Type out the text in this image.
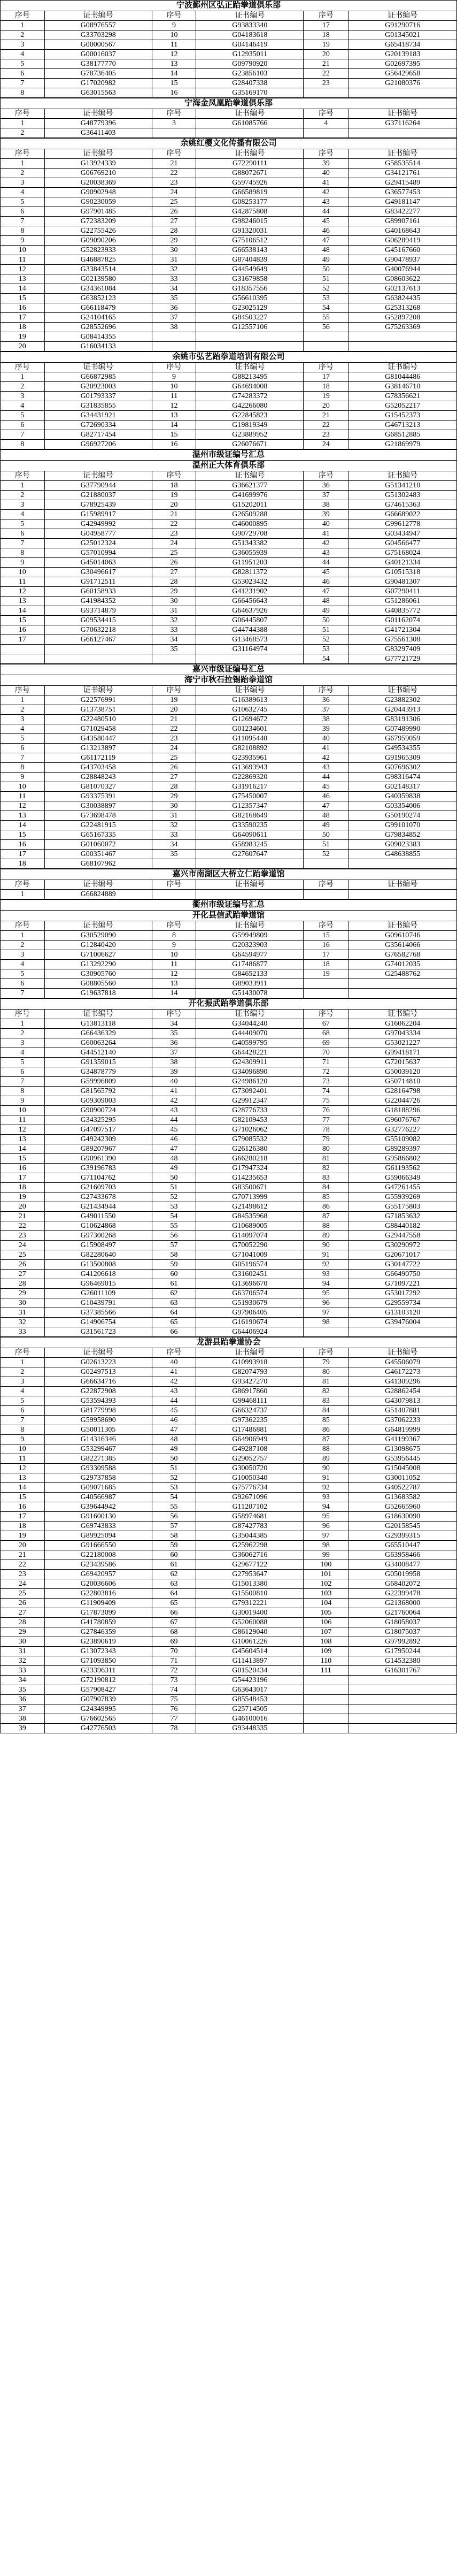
宁波鄞州区弘正跆拳道俱乐部					
序号	证书编号	序号	证书编号	序号	证书编号
1	G08976557	9	G93833340	17	G91290716
2	G33703298	10	G04183618	18	G01345021
3	G00000567	11	G04146419	19	G65418734
4	G00016037	12	G12935011	20	G20139183
5	G38177770	13	G09790920	21	G02697395
6	G78736405	14	G23856103	22	G56429658
7	G17020982	15	G28407338	23	G21080376
8	G63015563	16	G35169170		
宁海金凤凰跆拳道俱乐部					
序号	证书编号	序号	证书编号	序号	证书编号
1	G48779396	3	G61085766	4	G37116264
2	G36411403				
余姚红樱文化传播有限公司					
序号	证书编号	序号	证书编号	序号	证书编号
1	G13924339	21	G72290111	39	G58535514
2	G06769210	22	G88072671	40	G34121761
3	G20038369	23	G59745926	41	G29415489
4	G90902948	24	G66589819	42	G36577453
5	G90230059	25	G08253177	43	G49181147
6	G97901485	26	G42875808	44	G83422277
7	G72383209	27	G98246015	45	G89907161
8	G22755426	28	G91320031	46	G40168643
9	G09090206	29	G75106512	47	G06289419
10	G52823933	30	G66538143	48	G45167660
11	G46887825	31	G87404839	49	G90478937
12	G33843514	32	G44549649	50	G40076944
13	G02139580	33	G31679858	51	G08603622
14	G34361084	34	G18357556	52	G02137613
15	G63852123	35	G56610395	53	G63824435
16	G66118479	36	G23025129	54	G25313268
17	G24104165	37	G84503227	55	G52897208
18	G28552696	38	G12557106	56	G75263369
19	G08414355				
20	G16034133				
余姚市弘艺跆拳道培训有限公司					
序号	证书编号	序号	证书编号	序号	证书编号
1	G66872985	9	G88213495	17	G81044486
2	G20923003	10	G64694008	18	G38146710
3	G01793337	11	G74283372	19	G78356621
4	G31835855	12	G42266080	20	G52052217
5	G34431921	13	G22845823	21	G15452373
6	G72690334	14	G19819349	22	G46713213
7	G82717454	15	G23889952	23	G68512885
8	G96927206	16	G26076671	24	G21869979
温州市级证编号汇总					
温州正大体育俱乐部					
序号	证书编号	序号	证书编号	序号	证书编号
1	G37790944	18	G36621377	36	G51341210
2	G21880037	19	G41699976	37	G51302483
3	G78925439	20	G15202011	38	G74615363
4	G15989917	21	G26509288	39	G66689022
5	G42949992	22	G46000895	40	G99612778
6	G04958777	23	G90729708	41	G03434947
7	G25012324	24	G51343382	42	G04566477
8	G57010994	25	G36055939	43	G75168024
9	G45014063	26	G11951203	44	G40121334
10	G30496617	27	G82811372	45	G10515318
11	G91712511	28	G53023432	46	G90481307
12	G60158933	29	G41231902	47	G07290411
13	G41984352	30	G66456643	48	G51286061
14	G93714879	31	G64637926	49	G40835772
15	G09534415	32	G06445807	50	G01162074
16	G70632218	33	G44744388	51	G41721304
17	G66127467	34	G13468573	52	G75561308
		35	G31164974	53	G83297409
				54	G77721729
嘉兴市级证编号汇总					
海宁市秋石拉锡跆拳道馆					
序号	证书编号	序号	证书编号	序号	证书编号
1	G22576991	19	G16389613	36	G23882302
2	G13738751	20	G10632745	37	G20443913
3	G22480510	21	G12694672	38	G83191306
4	G71029458	22	G01234601	39	G07489990
5	G43580447	23	G11095440	40	G67959059
6	G13213897	24	G82108892	41	G49534355
7	G61172119	25	G23935961	42	G91965309
8	G43703458	26	G13693943	43	G07696302
9	G28848243	27	G22869320	44	G98316474
10	G81070327	28	G31916217	45	G02148317
11	G93375391	29	G75450007	46	G40359838
12	G30038897	30	G12357347	47	G03354006
13	G73698478	31	G82168649	48	G50190274
14	G22481915	32	G33590235	49	G99101070
15	G65167335	33	G64090611	50	G79834852
16	G01060072	34	G58983245	51	G09023383
17	G00351467	35	G27607647	52	G48638855
18	G68107962				
嘉兴市南湖区大桥立仁跆拳道馆					
序号	证书编号	序号	证书编号	序号	证书编号
1	G66824889				
衢州市级证编号汇总					
开化县信武跆拳道馆					
序号	证书编号	序号	证书编号	序号	证书编号
1	G30529090	8	G59949809	15	G09610746
2	G12840420	9	G20323903	16	G35614066
3	G71006627	10	G64594977	17	G76582768
4	G13292290	11	G17486877	18	G74012035
5	G30905760	12	G84652133	19	G25488762
6	G08805560	13	G89033911		
7	G19637818	14	G51430078		
开化振武跆拳道俱乐部					
序号	证书编号	序号	证书编号	序号	证书编号
1	G13813118	34	G34044240	67	G16062204
2	G66436329	35	G44409070	68	G97043334
3	G60063264	36	G40599795	69	G53021227
4	G44512140	37	G64428221	70	G99418171
5	G91359015	38	G24309911	71	G72015637
6	G34878779	39	G34096890	72	G50039120
7	G59996809	40	G24986120	73	G50714810
8	G81565792	41	G73092401	74	G28164798
9	G09309003	42	G29912347	75	G22044726
10	G90900724	43	G28776733	76	G18188296
11	G34325295	44	G82109453	77	G96076767
12	G47097517	45	G71026062	78	G32776227
13	G49242309	46	G79085532	79	G55109082
14	G89207967	47	G26126380	80	G89289397
15	G90961390	48	G66280218	81	G95866802
16	G39196783	49	G17947324	82	G61193562
17	G71104762	50	G14235653	83	G59066349
18	G21609703	51	G83500671	84	G47261455
19	G27433678	52	G70713999	85	G55939269
20	G21434944	53	G21498612	86	G55175803
21	G49011550	54	G84535968	87	G71853632
22	G10624868	55	G10689005	88	G88440182
23	G97300268	56	G14097074	89	G29447558
24	G15908497	57	G70052290	90	G30290972
25	G82280640	58	G71041009	91	G20671017
26	G13500808	59	G05196574	92	G30147722
27	G41206618	60	G31602451	93	G66490750
28	G96469015	61	G13696670	94	G71097221
29	G26011109	62	G63706574	95	G53017292
30	G10439791	63	G51930679	96	G29559734
31	G37385566	64	G97906405	97	G13103120
32	G14906754	65	G16190674	98	G39476004
33	G31561723	66	G64406924		
龙游县跆拳道协会					
序号	证书编号	序号	证书编号	序号	证书编号
1	G02613223	40	G10993918	79	G45506079
2	G02497513	41	G82074793	80	G46172273
3	G66634716	42	G93427270	81	G41309296
4	G22872908	43	G86917860	82	G28862454
5	G53594393	44	G99468111	83	G43079813
6	G81779998	45	G66324737	84	G51407881
7	G59958690	46	G97362235	85	G37062233
8	G50011305	47	G17486881	86	G64819999
9	G14316346	48	G64906949	87	G41199367
10	G53299467	49	G49287108	88	G13098675
11	G82271385	50	G29052757	89	G53956445
12	G93309588	51	G30050720	90	G15045008
13	G29737858	52	G10050340	91	G30011052
14	G09071685	53	G75776734	92	G40522787
15	G40566987	54	G92671096	93	G13683582
16	G39644942	55	G11207102	94	G52665960
17	G91600130	56	G58974681	95	G18630090
18	G69743833	57	G87427783	96	G20158545
19	G89925094	58	G35044385	97	G29399315
20	G91666550	59	G25962298	98	G65510447
21	G22180008	60	G36062716	99	G63958466
22	G23439586	61	G29677122	100	G34008477
23	G69420957	62	G27953647	101	G05019958
24	G20036606	63	G15013380	102	G68402072
25	G22803816	64	G15500810	103	G22399478
26	G11909409	65	G79312221	104	G21368000
27	G17873099	66	G30019400	105	G21760064
28	G41780859	67	G52060088	106	G18058037
29	G27846359	68	G86129040	107	G18075037
30	G23890619	69	G10061226	108	G97992892
31	G13072343	70	G45604514	109	G17950244
32	G71093850	71	G11413897	110	G14532380
33	G23396311	72	G01520434	111	G16301767
34	G72190812	73	G54423196		
35	G57908427	74	G63643017		
36	G07907839	75	G85548453		
37	G24349995	76	G25714505		
38	G76602565	77	G46100016		
39	G42776503	78	G93448335		
